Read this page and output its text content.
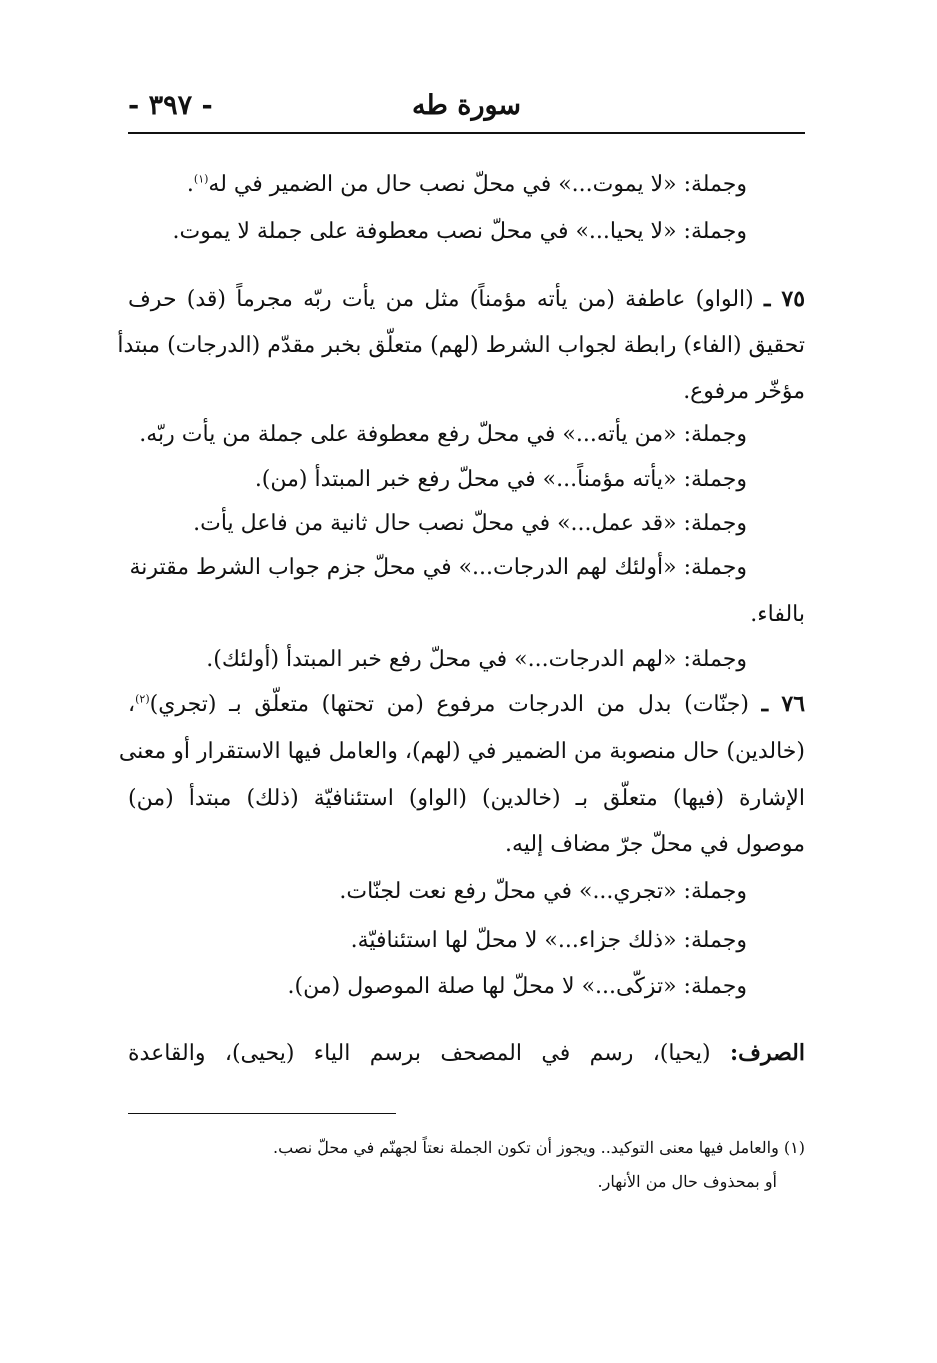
سورة طه
- ٣٩٧ -
وجملة: «لا يموت...» في محلّ نصب حال من الضمير في له$^{(١)}$.
وجملة: «لا يحيا...» في محلّ نصب معطوفة على جملة لا يموت.
٧٥ ـ (الواو) عاطفة (من يأته مؤمناً) مثل من يأت ربّه مجرماً (قد) حرف
تحقيق (الفاء) رابطة لجواب الشرط (لهم) متعلّق بخبر مقدّم (الدرجات) مبتدأ
مؤخّر مرفوع.
وجملة: «من يأته...» في محلّ رفع معطوفة على جملة من يأت ربّه.
وجملة: «يأته مؤمناً...» في محلّ رفع خبر المبتدأ (من).
وجملة: «قد عمل...» في محلّ نصب حال ثانية من فاعل يأت.
وجملة: «أولئك لهم الدرجات...» في محلّ جزم جواب الشرط مقترنة
بالفاء.
وجملة: «لهم الدرجات...» في محلّ رفع خبر المبتدأ (أولئك).
٧٦ ـ (جنّات) بدل من الدرجات مرفوع (من تحتها) متعلّق بـ (تجري)$^{(٢)}$،
(خالدين) حال منصوبة من الضمير في (لهم)، والعامل فيها الاستقرار أو معنى
الإشارة (فيها) متعلّق بـ (خالدين) (الواو) استئنافيّة (ذلك) مبتدأ (من)
موصول في محلّ جرّ مضاف إليه.
وجملة: «تجري...» في محلّ رفع نعت لجنّات.
وجملة: «ذلك جزاء...» لا محلّ لها استئنافيّة.
وجملة: «تزكّى...» لا محلّ لها صلة الموصول (من).
الصرف: (يحيا)، رسم في المصحف برسم الياء (يحيى)، والقاعدة
(١) والعامل فيها معنى التوكيد.. ويجوز أن تكون الجملة نعتاً لجهنّم في محلّ نصب.
أو بمحذوف حال من الأنهار.
